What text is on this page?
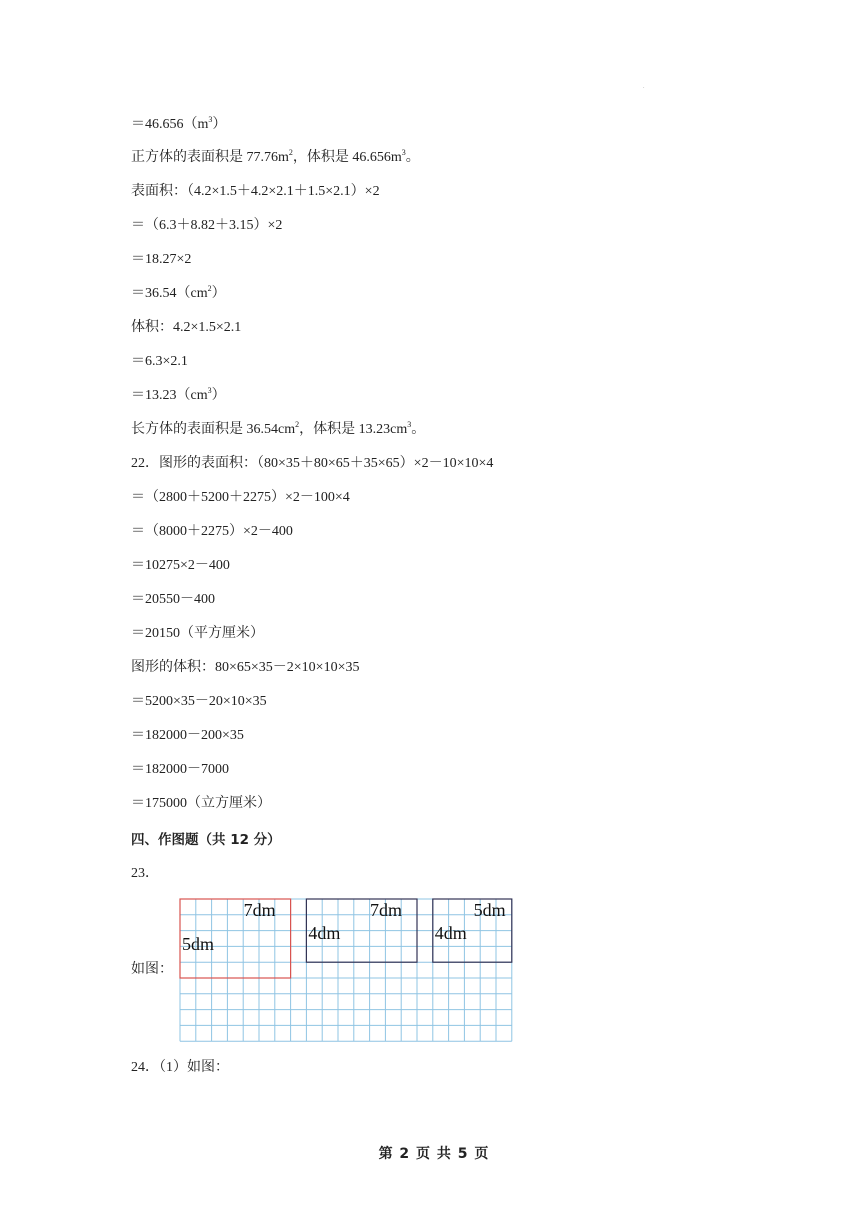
.
$=46.656(m^3)$
正方体的表面积是 $77.76m^2$，体积是 $46.656m^3$。
表面积：（4.2×1.5＋4.2×2.1＋1.5×2.1）×2
＝（6.3＋8.82＋3.15）×2
＝18.27×2
$=36.54(cm^2)$
体积：4.2×1.5×2.1
＝6.3×2.1
$=13.23(cm^3)$
长方体的表面积是 $36.54cm^2$，体积是 $13.23cm^3$。
22．图形的表面积：（80×35＋80×65＋35×65）×2－10×10×4
＝（2800＋5200＋2275）×2－100×4
＝（8000＋2275）×2－400
＝10275×2－400
＝20550－400
＝20150（平方厘米）
图形的体积：80×65×35－2×10×10×35
＝5200×35－20×10×35
＝182000－200×35
＝182000－7000
＝175000（立方厘米）
四、作图题（共 12 分）
23．
如图：
24．（1）如图：
7dm
5dm
7dm
4dm
5dm
4dm
第 2 页 共 5 页
